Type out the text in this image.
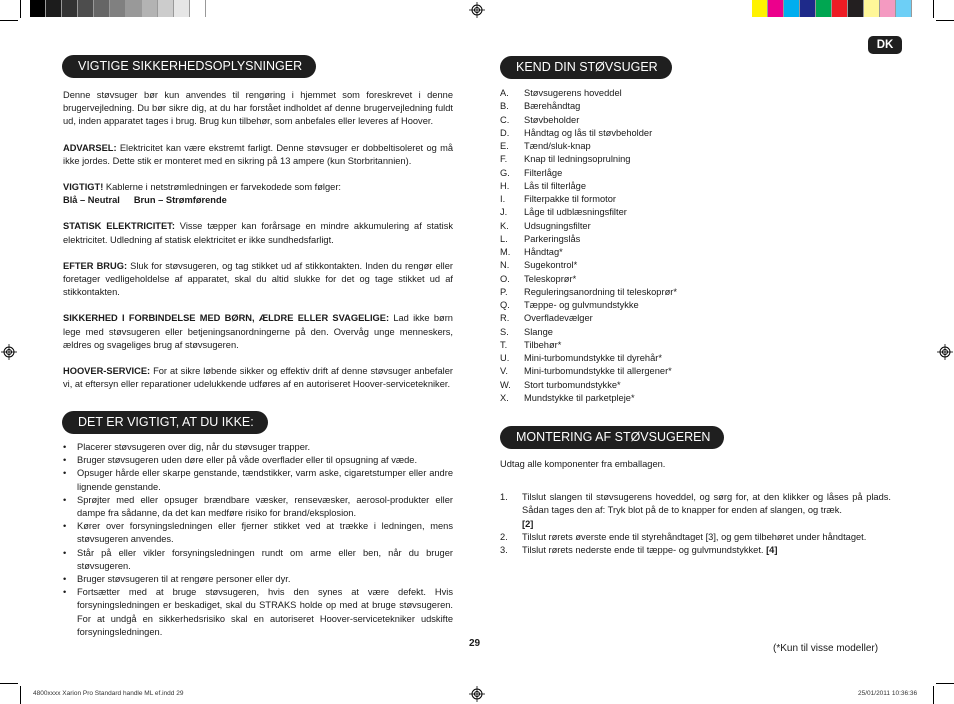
DK
VIGTIGE SIKKERHEDSOPLYSNINGER

Denne støvsuger bør kun anvendes til rengøring i hjemmet som foreskrevet i denne brugervejledning. Du bør sikre dig, at du har forstået indholdet af denne brugervejledning fuldt ud, inden apparatet tages i brug. Brug kun tilbehør, som anbefales eller leveres af Hoover.

ADVARSEL: Elektricitet kan være ekstremt farligt. Denne støvsuger er dobbeltisoleret og må ikke jordes. Dette stik er monteret med en sikring på 13 ampere (kun Storbritannien).

VIGTIGT! Kablerne i netstrømledningen er farvekodede som følger:

Blå – Neutral Brun – Strømførende

STATISK ELEKTRICITET: Visse tæpper kan forårsage en mindre akkumulering af statisk elektricitet. Udledning af statisk elektricitet er ikke sundhedsfarligt.

EFTER BRUG: Sluk for støvsugeren, og tag stikket ud af stikkontakten. Inden du rengør eller foretager vedligeholdelse af apparatet, skal du altid slukke for det og tage stikket ud af stikkontakten.

SIKKERHED I FORBINDELSE MED BØRN, ÆLDRE ELLER SVAGELIGE: Lad ikke børn lege med støvsugeren eller betjeningsanordningerne på den. Overvåg unge menneskers, ældres og svageliges brug af støvsugeren.

HOOVER-SERVICE: For at sikre løbende sikker og effektiv drift af denne støvsuger anbefaler vi, at eftersyn eller reparationer udelukkende udføres af en autoriseret Hoover-servicetekniker.

DET ER VIGTIGT, AT DU IKKE:
•	Placerer støvsugeren over dig, når du støvsuger trapper.
•	Bruger støvsugeren uden døre eller på våde overflader eller til opsugning af væde.
•	Opsuger hårde eller skarpe genstande, tændstikker, varm aske, cigaretstumper eller andre lignende genstande.
•	Sprøjter med eller opsuger brændbare væsker, rensevæsker, aerosol-produkter eller dampe fra sådanne, da det kan medføre risiko for brand/eksplosion.
•	Kører over forsyningsledningen eller fjerner stikket ved at trække i ledningen, mens støvsugeren anvendes.
•	Står på eller vikler forsyningsledningen rundt om arme eller ben, når du bruger støvsugeren.
•	Bruger støvsugeren til at rengøre personer eller dyr.
•	Fortsætter med at bruge støvsugeren, hvis den synes at være defekt. Hvis forsyningsledningen er beskadiget, skal du STRAKS holde op med at bruge støvsugeren. For at undgå en sikkerhedsrisiko skal en autoriseret Hoover-servicetekniker udskifte forsyningsledningen.
KEND DIN STØVSUGER
A.	Støvsugerens hoveddel
B.	Bærehåndtag
C.	Støvbeholder
D.	Håndtag og lås til støvbeholder
E.	Tænd/sluk-knap
F.	Knap til ledningsoprulning
G.	Filterlåge
H.	Lås til filterlåge
I.	Filterpakke til formotor
J.	Låge til udblæsningsfilter
K.	Udsugningsfilter
L.	Parkeringslås
M.	Håndtag*
N.	Sugekontrol*
O.	Teleskoprør*
P.	Reguleringsanordning til teleskoprør*
Q.	Tæppe- og gulvmundstykke
R.	Overfladevælger
S.	Slange
T.	Tilbehør*
U.	Mini-turbomundstykke til dyrehår*
V.	Mini-turbomundstykke til allergener*
W.	Stort turbomundstykke*
X.	Mundstykke til parketpleje*
MONTERING AF STØVSUGEREN

Udtag alle komponenter fra emballagen.

1.	Tilslut slangen til støvsugerens hoveddel, og sørg for, at den klikker og låses på plads. Sådan tages den af: Tryk blot på de to knapper for enden af slangen, og træk.
[2]
2.	Tilslut rørets øverste ende til styrehåndtaget [3], og gem tilbehøret under håndtaget.
3.	Tilslut rørets nederste ende til tæppe- og gulvmundstykket. [4]
29	(*Kun til visse modeller)
4800xxxx Xarion Pro Standard handle ML ef.indd 29	25/01/2011 10:36:36
